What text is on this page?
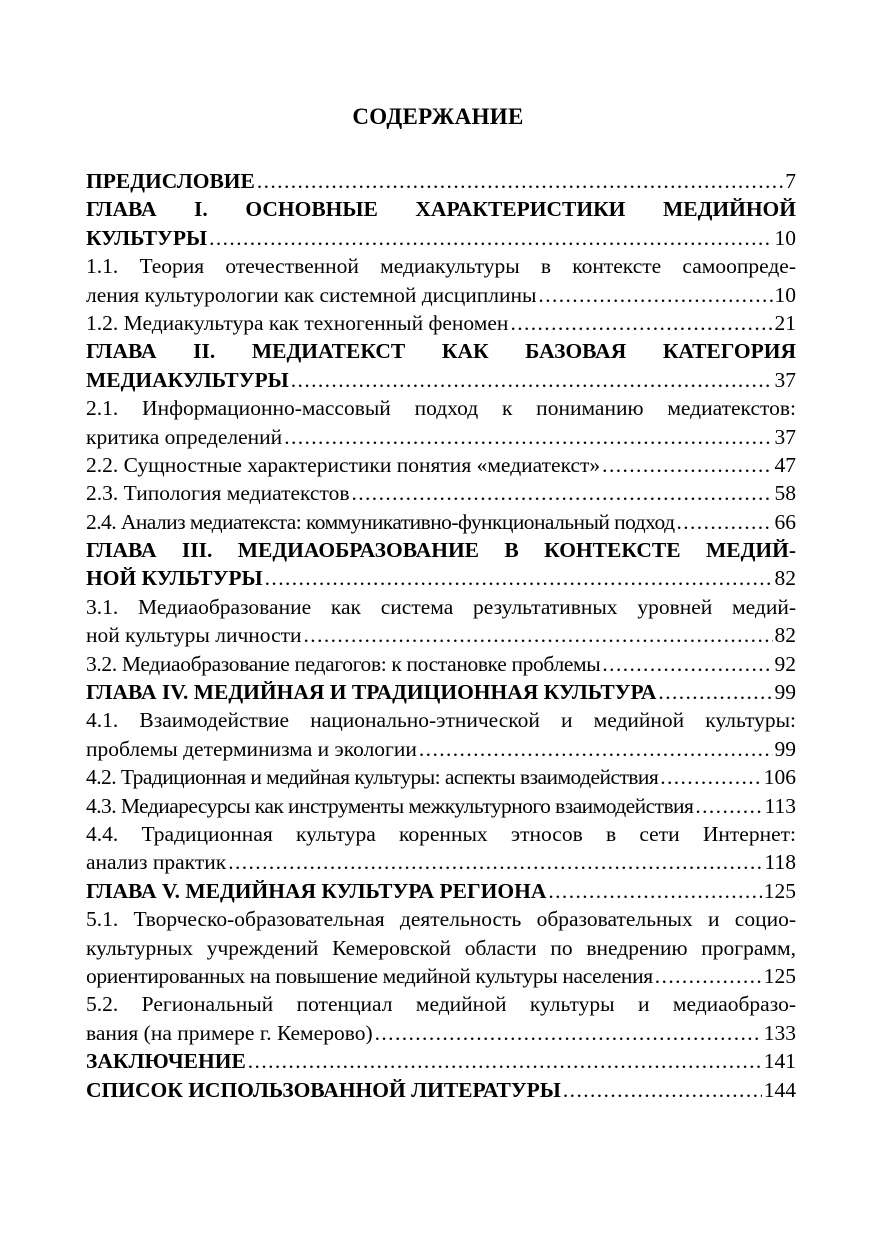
СОДЕРЖАНИЕ
ПРЕДИСЛОВИЕ .....	7
ГЛАВА I. ОСНОВНЫЕ ХАРАКТЕРИСТИКИ МЕДИЙНОЙ
КУЛЬТУРЫ .....	10
1.1. Теория отечественной медиакультуры в контексте самоопреде-
ления культурологии как системной дисциплины .....	10
1.2. Медиакультура как техногенный феномен .....	21
ГЛАВА II. МЕДИАТЕКСТ КАК БАЗОВАЯ КАТЕГОРИЯ
МЕДИАКУЛЬТУРЫ .....	37
2.1. Информационно-массовый подход к пониманию медиатекстов:
критика определений .....	37
2.2. Сущностные характеристики понятия «медиатекст» .....	47
2.3. Типология медиатекстов .....	58
2.4. Анализ медиатекста: коммуникативно-функциональный подход .....	66
ГЛАВА III. МЕДИАОБРАЗОВАНИЕ В КОНТЕКСТЕ МЕДИЙ-
НОЙ КУЛЬТУРЫ .....	82
3.1. Медиаобразование как система результативных уровней медий-
ной культуры личности .....	82
3.2. Медиаобразование педагогов: к постановке проблемы .....	92
ГЛАВА IV. МЕДИЙНАЯ И ТРАДИЦИОННАЯ КУЛЬТУРА .....	99
4.1. Взаимодействие национально-этнической и медийной культуры:
проблемы детерминизма и экологии .....	99
4.2. Традиционная и медийная культуры: аспекты взаимодействия .....	106
4.3. Медиаресурсы как инструменты межкультурного взаимодействия .....	113
4.4. Традиционная культура коренных этносов в сети Интернет:
анализ практик .....	118
ГЛАВА V. МЕДИЙНАЯ КУЛЬТУРА РЕГИОНА .....	125
5.1. Творческо-образовательная деятельность образовательных и социо-
культурных учреждений Кемеровской области по внедрению программ,
ориентированных на повышение медийной культуры населения .....	125
5.2. Региональный потенциал медийной культуры и медиаобразо-
вания (на примере г. Кемерово) .....	133
ЗАКЛЮЧЕНИЕ .....	141
СПИСОК ИСПОЛЬЗОВАННОЙ ЛИТЕРАТУРЫ .....	144
